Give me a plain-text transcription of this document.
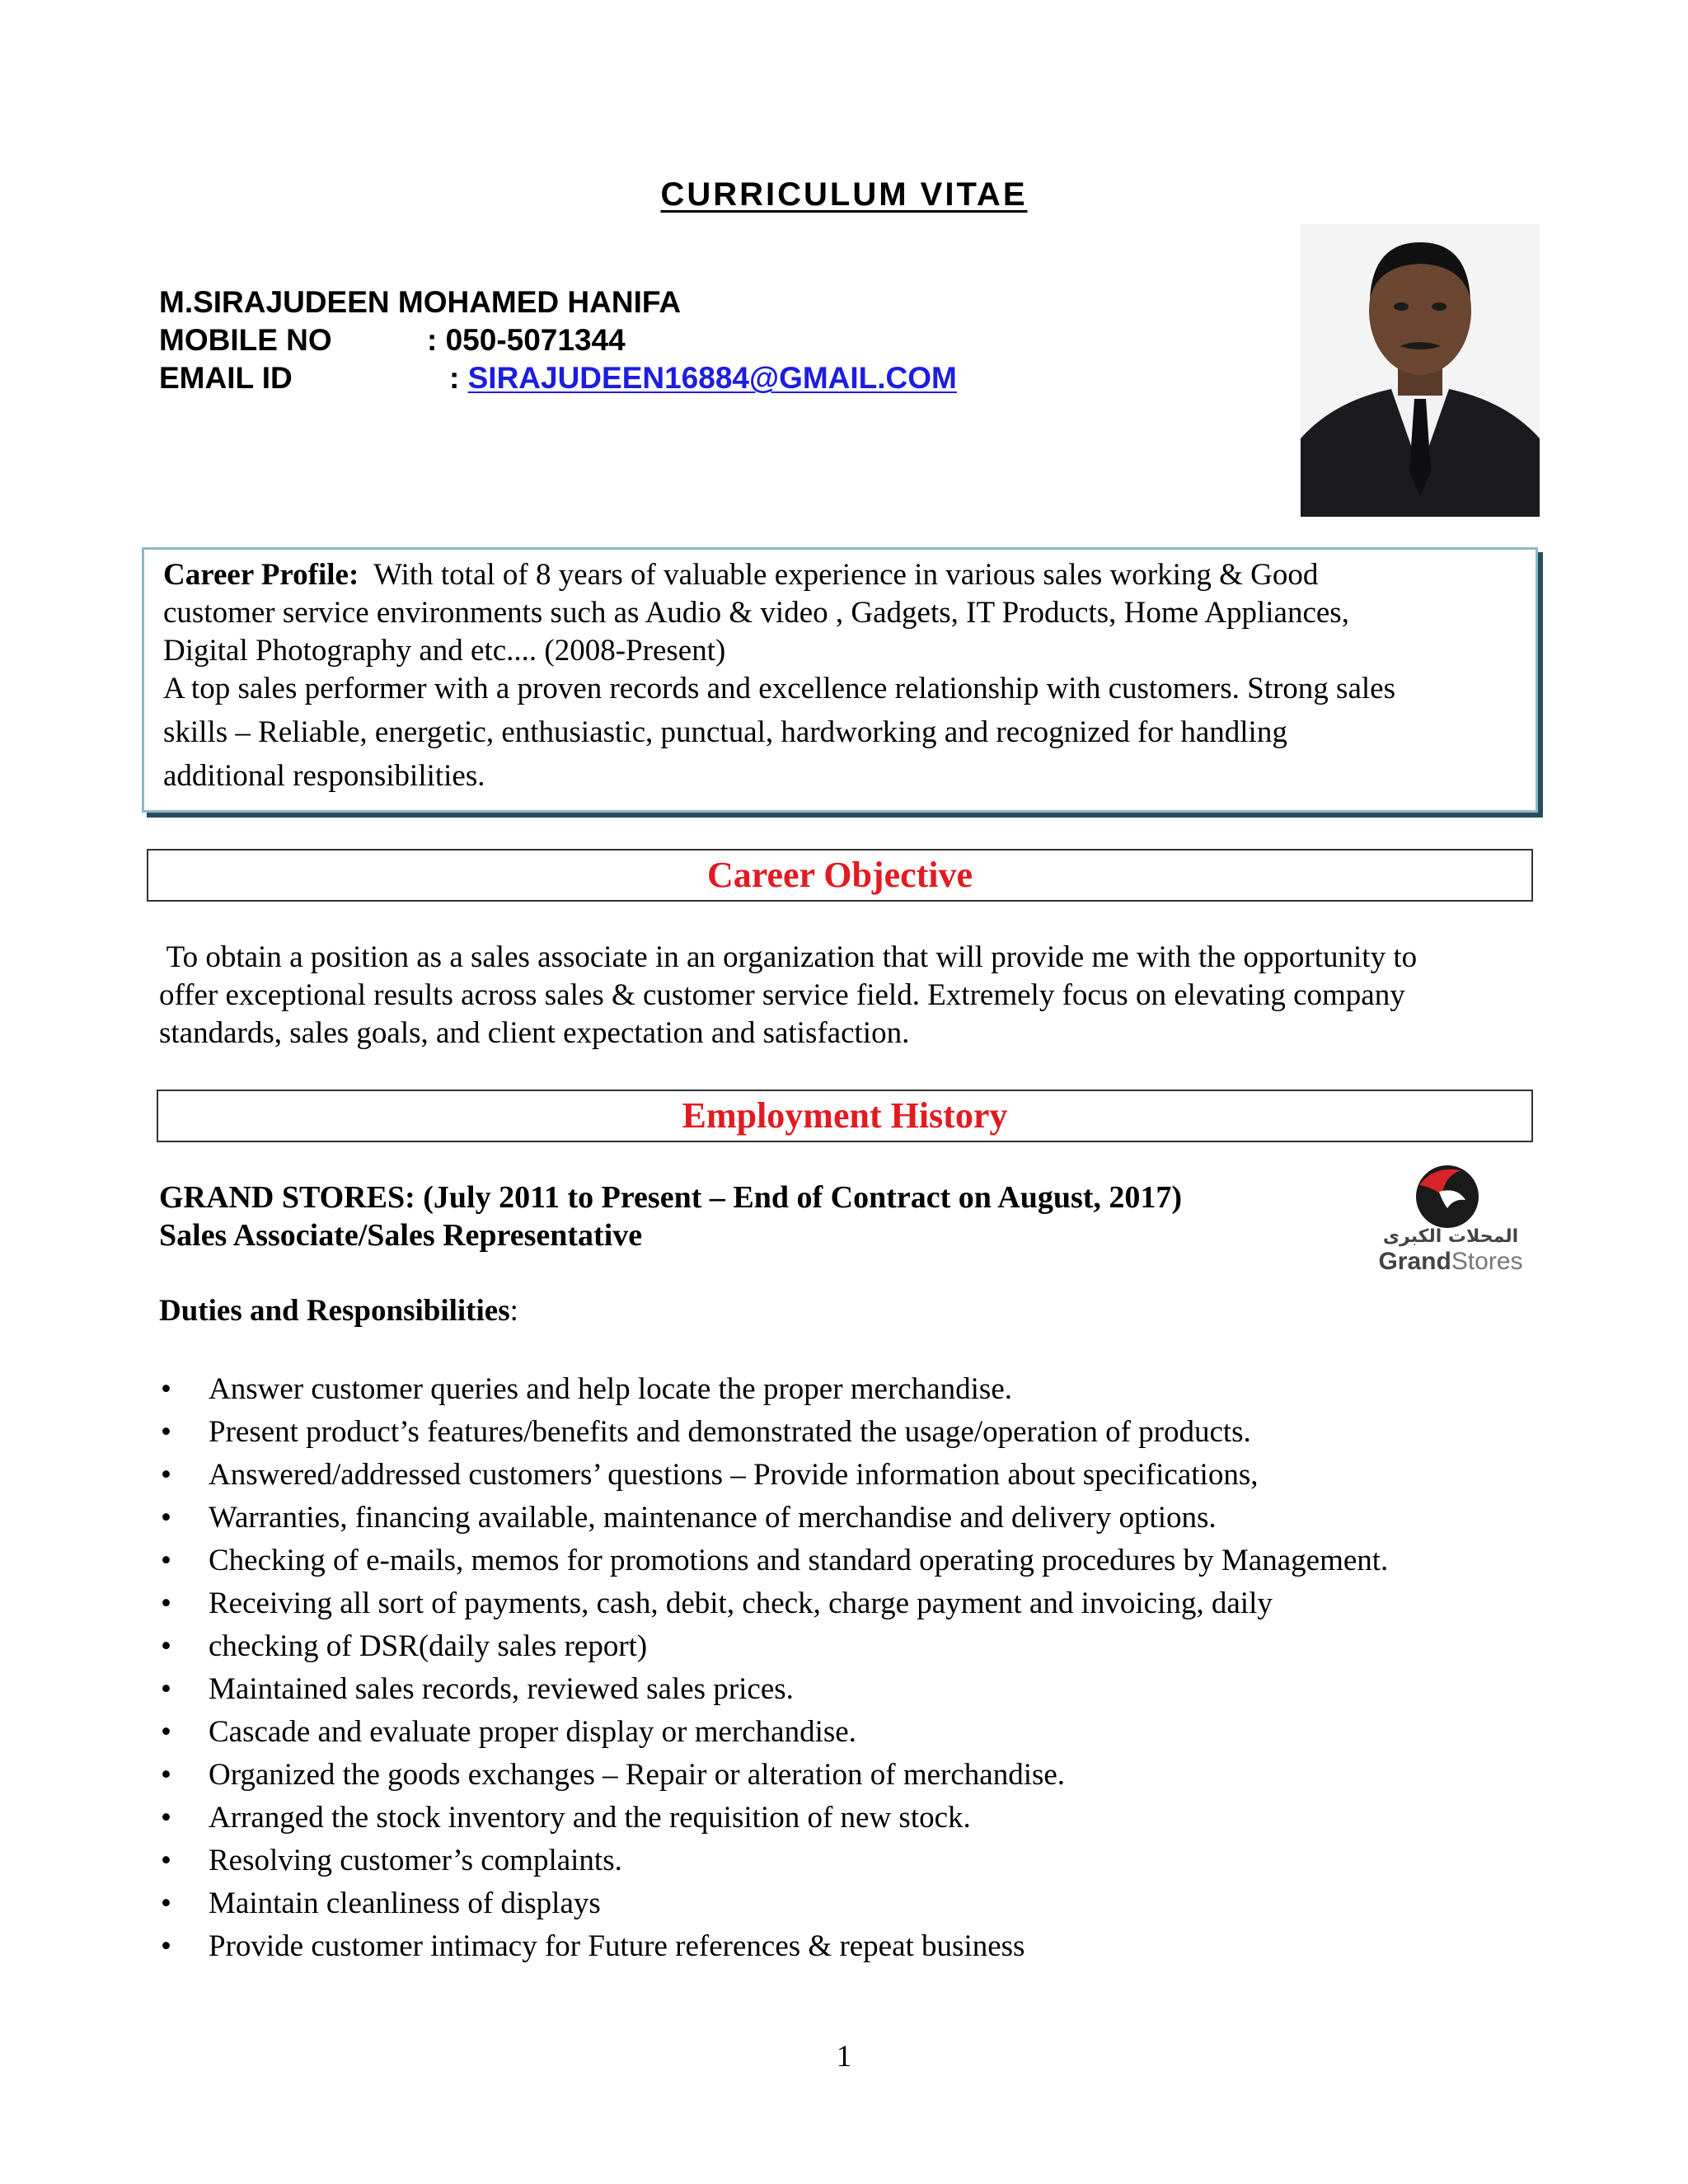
CURRICULUM VITAE
M.SIRAJUDEEN MOHAMED HANIFA
MOBILE NO	: 050-5071344
EMAIL ID	: SIRAJUDEEN16884@GMAIL.COM
Career Profile: With total of 8 years of valuable experience in various sales working & Good
customer service environments such as Audio & video , Gadgets, IT Products, Home Appliances,
Digital Photography and etc.... (2008-Present)
A top sales performer with a proven records and excellence relationship with customers. Strong sales
skills – Reliable, energetic, enthusiastic, punctual, hardworking and recognized for handling
additional responsibilities.
Career Objective
To obtain a position as a sales associate in an organization that will provide me with the opportunity to
offer exceptional results across sales & customer service field. Extremely focus on elevating company
standards, sales goals, and client expectation and satisfaction.
Employment History
GRAND STORES: (July 2011 to Present – End of Contract on August, 2017)
Sales Associate/Sales Representative	المحلات الكبرى
GrandStores
Duties and Responsibilities:
• Answer customer queries and help locate the proper merchandise.
• Present product’s features/benefits and demonstrated the usage/operation of products.
• Answered/addressed customers’ questions – Provide information about specifications,
• Warranties, financing available, maintenance of merchandise and delivery options.
• Checking of e-mails, memos for promotions and standard operating procedures by Management.
• Receiving all sort of payments, cash, debit, check, charge payment and invoicing, daily
• checking of DSR(daily sales report)
• Maintained sales records, reviewed sales prices.
• Cascade and evaluate proper display or merchandise.
• Organized the goods exchanges – Repair or alteration of merchandise.
• Arranged the stock inventory and the requisition of new stock.
• Resolving customer’s complaints.
• Maintain cleanliness of displays
• Provide customer intimacy for Future references & repeat business
1
